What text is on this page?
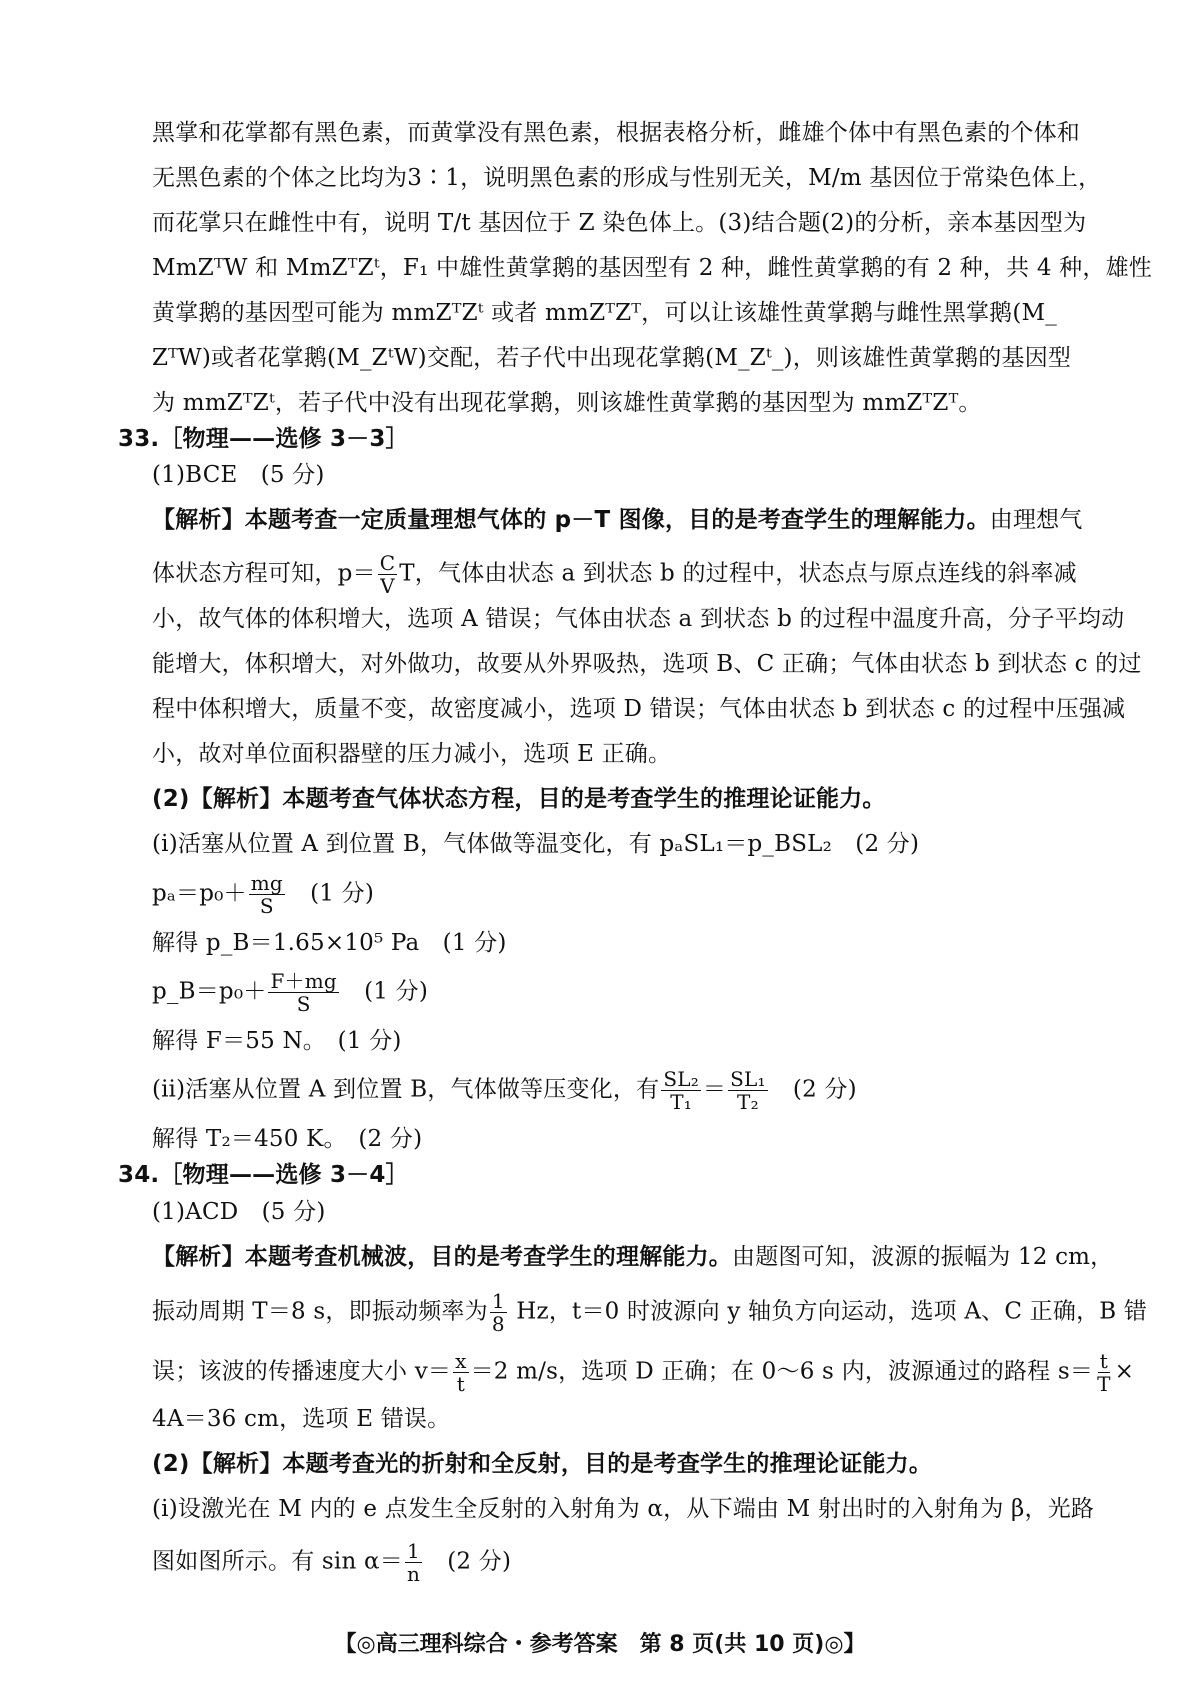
黑掌和花掌都有黑色素，而黄掌没有黑色素，根据表格分析，雌雄个体中有黑色素的个体和
无黑色素的个体之比均为3∶1，说明黑色素的形成与性别无关，M/m 基因位于常染色体上，
而花掌只在雌性中有，说明 T/t 基因位于 Z 染色体上。(3)结合题(2)的分析，亲本基因型为
MmZᵀW 和 MmZᵀZᵗ，F₁ 中雄性黄掌鹅的基因型有 2 种，雌性黄掌鹅的有 2 种，共 4 种，雄性
黄掌鹅的基因型可能为 mmZᵀZᵗ 或者 mmZᵀZᵀ，可以让该雄性黄掌鹅与雌性黑掌鹅(M_
ZᵀW)或者花掌鹅(M_ZᵗW)交配，若子代中出现花掌鹅(M_Zᵗ_)，则该雄性黄掌鹅的基因型
为 mmZᵀZᵗ，若子代中没有出现花掌鹅，则该雄性黄掌鹅的基因型为 mmZᵀZᵀ。
33.［物理——选修 3－3］
(1)BCE　(5 分)
【解析】本题考查一定质量理想气体的 p－T 图像，目的是考查学生的理解能力。由理想气
体状态方程可知，$p= \frac{C}{V}$ T，气体由状态 a 到状态 b 的过程中，状态点与原点连线的斜率减
小，故气体的体积增大，选项 A 错误；气体由状态 a 到状态 b 的过程中温度升高，分子平均动
能增大，体积增大，对外做功，故要从外界吸热，选项 B、C 正确；气体由状态 b 到状态 c 的过
程中体积增大，质量不变，故密度减小，选项 D 错误；气体由状态 b 到状态 c 的过程中压强减
小，故对单位面积器壁的压力减小，选项 E 正确。
(2)【解析】本题考查气体状态方程，目的是考查学生的推理论证能力。
(ⅰ)活塞从位置 A 到位置 B，气体做等温变化，有 pₐSL₁＝p_BSL₂　(2 分)
$p_a=p_0+ \frac{mg}{S}$ 　(1 分)
解得 p_B＝1.65×10⁵ Pa　(1 分)
p_B＝p₀＋ $\frac{F+mg}{S}$ 　(1 分)
解得 F＝55 N。　(1 分)
(ⅱ)活塞从位置 A 到位置 B，气体做等压变化，有 $\frac{\text{SL₂}}{\text{T₁}} = \frac{\text{SL₁}}{\text{T₂}}$ 　(2 分)
解得 T₂＝450 K。　(2 分)
34.［物理——选修 3－4］
(1)ACD　(5 分)
【解析】本题考查机械波，目的是考查学生的理解能力。由题图可知，波源的振幅为 12 cm，
振动周期 T＝8 s，即振动频率为 $\frac{1}{8}$ Hz，t＝0 时波源向 y 轴负方向运动，选项 A、C 正确，B 错
误；该波的传播速度大小 $v= \frac{x}{t} =2$ m/s，选项 D 正确；在 0～6 s 内，波源通过的路程 $s= \frac{t}{T}$ ×
4A＝36 cm，选项 E 错误。
(2)【解析】本题考查光的折射和全反射，目的是考查学生的推理论证能力。
(ⅰ)设激光在 M 内的 e 点发生全反射的入射角为 α，从下端由 M 射出时的入射角为 β，光路
图如图所示。有 $\sin \alpha= \frac{1}{n}$ 　(2 分)
【◎高三理科综合・参考答案　第 8 页(共 10 页)◎】
